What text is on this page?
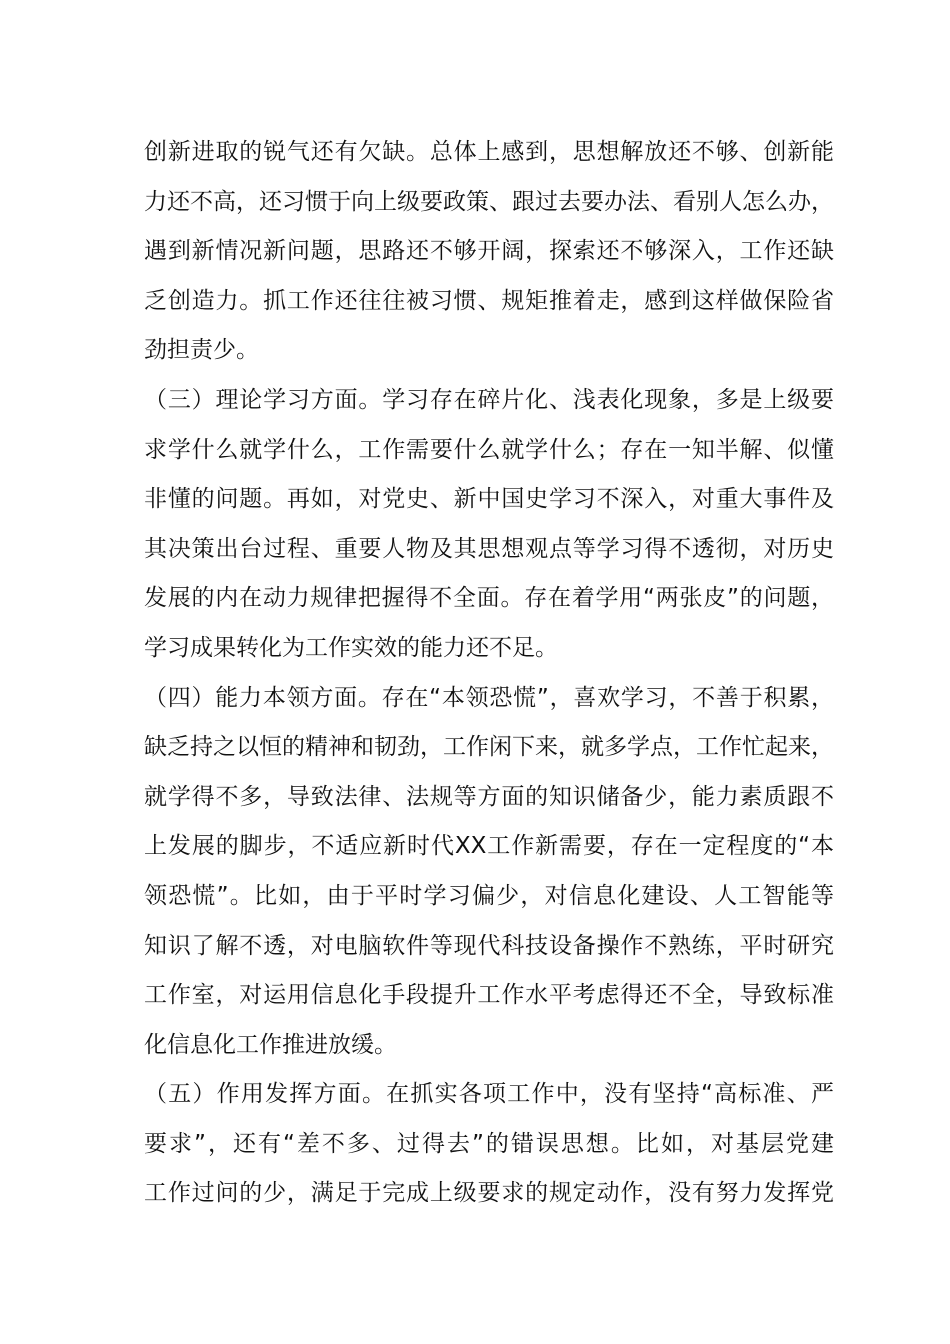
创新进取的锐气还有欠缺。总体上感到，思想解放还不够、创新能
力还不高，还习惯于向上级要政策、跟过去要办法、看别人怎么办，
遇到新情况新问题，思路还不够开阔，探索还不够深入，工作还缺
乏创造力。抓工作还往往被习惯、规矩推着走，感到这样做保险省
劲担责少。
（三）理论学习方面。学习存在碎片化、浅表化现象，多是上级要
求学什么就学什么，工作需要什么就学什么；存在一知半解、似懂
非懂的问题。再如，对党史、新中国史学习不深入，对重大事件及
其决策出台过程、重要人物及其思想观点等学习得不透彻，对历史
发展的内在动力规律把握得不全面。存在着学用“两张皮”的问题，
学习成果转化为工作实效的能力还不足。
（四）能力本领方面。存在“本领恐慌”，喜欢学习，不善于积累，
缺乏持之以恒的精神和韧劲，工作闲下来，就多学点，工作忙起来，
就学得不多，导致法律、法规等方面的知识储备少，能力素质跟不
上发展的脚步，不适应新时代XX工作新需要，存在一定程度的“本
领恐慌”。比如，由于平时学习偏少，对信息化建设、人工智能等
知识了解不透，对电脑软件等现代科技设备操作不熟练，平时研究
工作室，对运用信息化手段提升工作水平考虑得还不全，导致标准
化信息化工作推进放缓。
（五）作用发挥方面。在抓实各项工作中，没有坚持“高标准、严
要求”，还有“差不多、过得去”的错误思想。比如，对基层党建
工作过问的少，满足于完成上级要求的规定动作，没有努力发挥党
